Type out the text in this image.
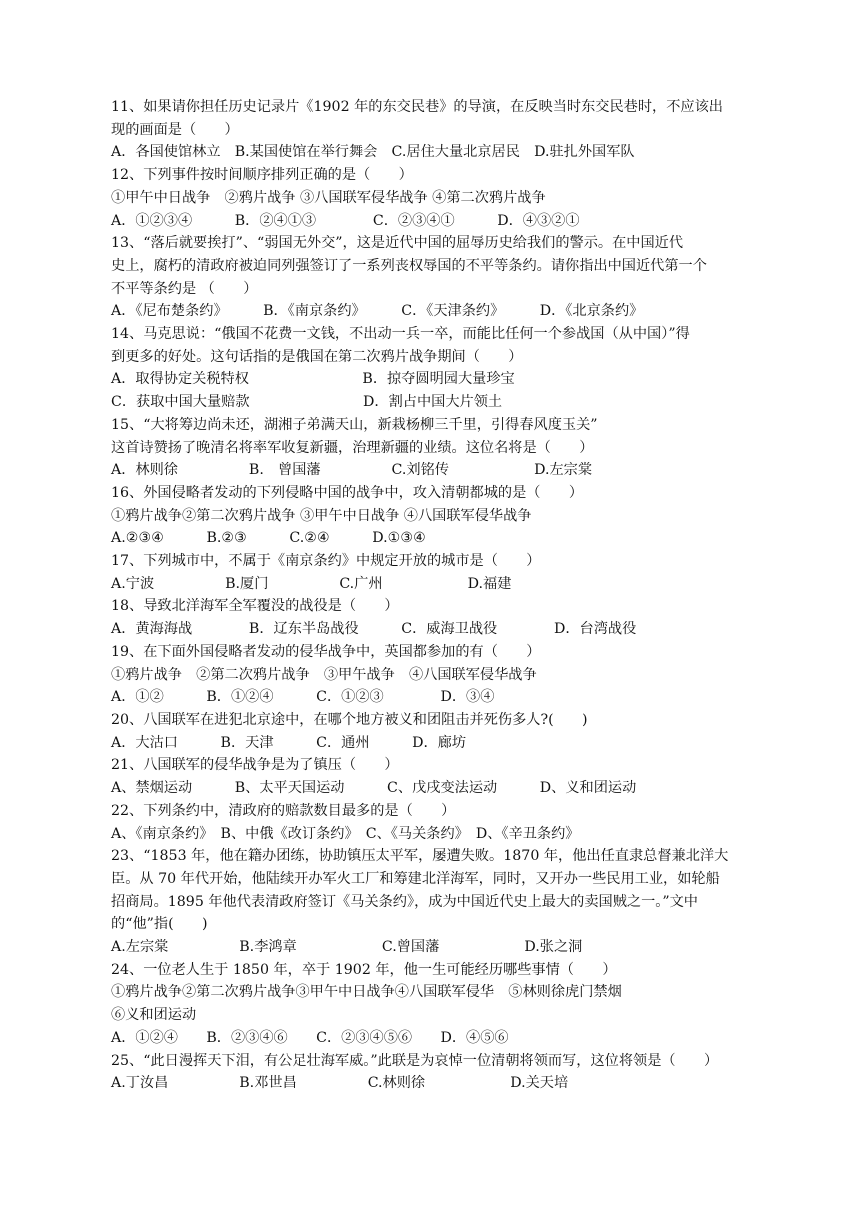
11、如果请你担任历史记录片《1902 年的东交民巷》的导演，在反映当时东交民巷时，不应该出
现的画面是（　　）
A．各国使馆林立　B.某国使馆在举行舞会　C.居住大量北京居民　D.驻扎外国军队
12、下列事件按时间顺序排列正确的是（　　）
①甲午中日战争　②鸦片战争 ③八国联军侵华战争 ④第二次鸦片战争
A．①②③④　　　B．②④①③　　　　C．②③④①　　　D．④③②①
13、“落后就要挨打”、“弱国无外交”，这是近代中国的屈辱历史给我们的警示。在中国近代
史上，腐朽的清政府被迫同列强签订了一系列丧权辱国的不平等条约。请你指出中国近代第一个
不平等条约是 （　　）
A．《尼布楚条约》　　　B．《南京条约》　　　C．《天津条约》　　　D．《北京条约》
14、马克思说：“俄国不花费一文钱，不出动一兵一卒，而能比任何一个参战国（从中国）”得
到更多的好处。这句话指的是俄国在第二次鸦片战争期间（　　）
A．取得协定关税特权　　　　　　　　B．掠夺圆明园大量珍宝
C．获取中国大量赔款　　　　　　　　D．割占中国大片领土
15、“大将筹边尚未还，湖湘子弟满天山，新栽杨柳三千里，引得春风度玉关”
这首诗赞扬了晚清名将率军收复新疆，治理新疆的业绩。这位名将是（　　）
A．林则徐　　　　　B.　曾国藩　　　　　C.刘铭传　　　　　　D.左宗棠
16、外国侵略者发动的下列侵略中国的战争中，攻入清朝都城的是（　　）
①鸦片战争②第二次鸦片战争 ③甲午中日战争 ④八国联军侵华战争
A.②③④　　　B.②③　　　C.②④　　　D.①③④
17、下列城市中，不属于《南京条约》中规定开放的城市是（　　）
A.宁波　　　　　B.厦门　　　　　C.广州　　　　　　D.福建
18、导致北洋海军全军覆没的战役是（　　）
A．黄海海战　　　　B．辽东半岛战役　　　C．威海卫战役　　　　D．台湾战役
19、在下面外国侵略者发动的侵华战争中，英国都参加的有（　　）
①鸦片战争　②第二次鸦片战争　③甲午战争　④八国联军侵华战争
A．①②　　　B．①②④　　　C．①②③　　　　D．③④
20、八国联军在进犯北京途中，在哪个地方被义和团阻击并死伤多人?(　　)
A．大沽口　　　B．天津　　　C．通州　　　D．廊坊
21、八国联军的侵华战争是为了镇压（　　）
A、禁烟运动　　　B、太平天国运动　　　C、戊戌变法运动　　　D、义和团运动
22、下列条约中，清政府的赔款数目最多的是（　　）
A、《南京条约》　B、中俄《改订条约》　C、《马关条约》　D、《辛丑条约》
23、“1853 年，他在籍办团练，协助镇压太平军，屡遭失败。1870 年，他出任直隶总督兼北洋大
臣。从 70 年代开始，他陆续开办军火工厂和筹建北洋海军，同时，又开办一些民用工业，如轮船
招商局。1895 年他代表清政府签订《马关条约》，成为中国近代史上最大的卖国贼之一。”文中
的“他”指(　　)
A.左宗棠　　　　　B.李鸿章　　　　　　C.曾国藩　　　　　　D.张之洞
24、一位老人生于 1850 年，卒于 1902 年，他一生可能经历哪些事情（　　）
①鸦片战争②第二次鸦片战争③甲午中日战争④八国联军侵华　⑤林则徐虎门禁烟
⑥义和团运动
A．①②④　　B．②③④⑥　　C．②③④⑤⑥　　D．④⑤⑥
25、“此日漫挥天下泪，有公足壮海军威。”此联是为哀悼一位清朝将领而写，这位将领是（　　）
A.丁汝昌　　　　　B.邓世昌　　　　　C.林则徐　　　　　　D.关天培
